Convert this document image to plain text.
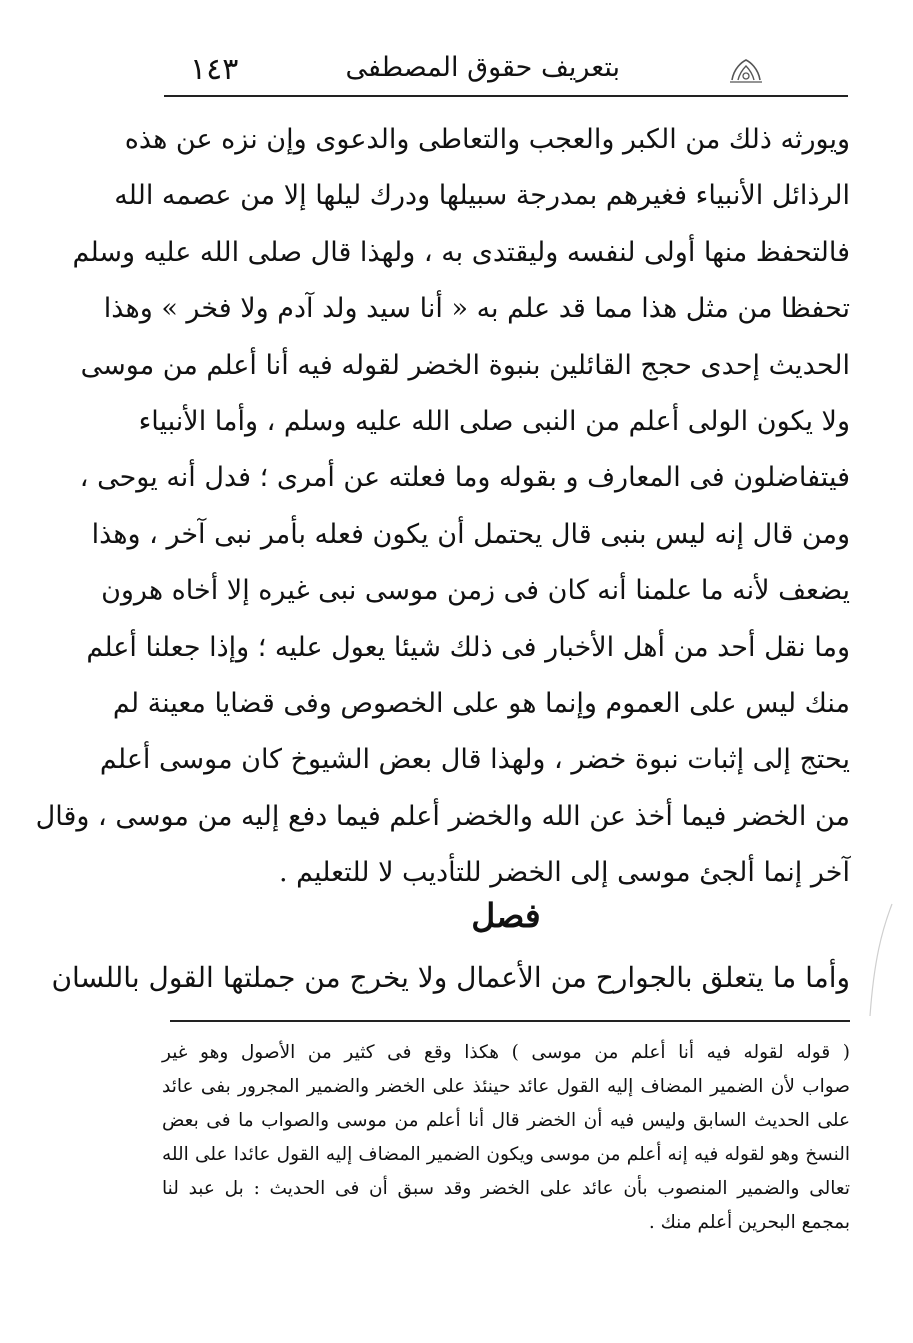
بتعريف حقوق المصطفى
١٤٣
ويورثه ذلك من الكبر والعجب والتعاطى والدعوى وإن نزه عن هذه
الرذائل الأنبياء فغيرهم بمدرجة سبيلها ودرك ليلها إلا من عصمه الله
فالتحفظ منها أولى لنفسه وليقتدى به ، ولهذا قال صلى الله عليه وسلم
تحفظا من مثل هذا مما قد علم به « أنا سيد ولد آدم ولا فخر » وهذا
الحديث إحدى حجج القائلين بنبوة الخضر لقوله فيه أنا أعلم من موسى
ولا يكون الولى أعلم من النبى صلى الله عليه وسلم ، وأما الأنبياء
فيتفاضلون فى المعارف و بقوله وما فعلته عن أمرى ؛ فدل أنه يوحى ،
ومن قال إنه ليس بنبى قال يحتمل أن يكون فعله بأمر نبى آخر ، وهذا
يضعف لأنه ما علمنا أنه كان فى زمن موسى نبى غيره إلا أخاه هرون
وما نقل أحد من أهل الأخبار فى ذلك شيئا يعول عليه ؛ وإذا جعلنا أعلم
منك ليس على العموم وإنما هو على الخصوص وفى قضايا معينة لم
يحتج إلى إثبات نبوة خضر ، ولهذا قال بعض الشيوخ كان موسى أعلم
من الخضر فيما أخذ عن الله والخضر أعلم فيما دفع إليه من موسى ، وقال
آخر إنما ألجئ موسى إلى الخضر للتأديب لا للتعليم .
فصل
وأما ما يتعلق بالجوارح من الأعمال ولا يخرج من جملتها القول باللسان
( قوله لقوله فيه أنا أعلم من موسى ) هكذا وقع فى كثير من الأصول وهو غير
صواب لأن الضمير المضاف إليه القول عائد حينئذ على الخضر والضمير المجرور بفى عائد
على الحديث السابق وليس فيه أن الخضر قال أنا أعلم من موسى والصواب ما فى بعض
النسخ وهو لقوله فيه إنه أعلم من موسى ويكون الضمير المضاف إليه القول عائدا على الله
تعالى والضمير المنصوب بأن عائد على الخضر وقد سبق أن فى الحديث : بل عبد لنا
بمجمع البحرين أعلم منك .
